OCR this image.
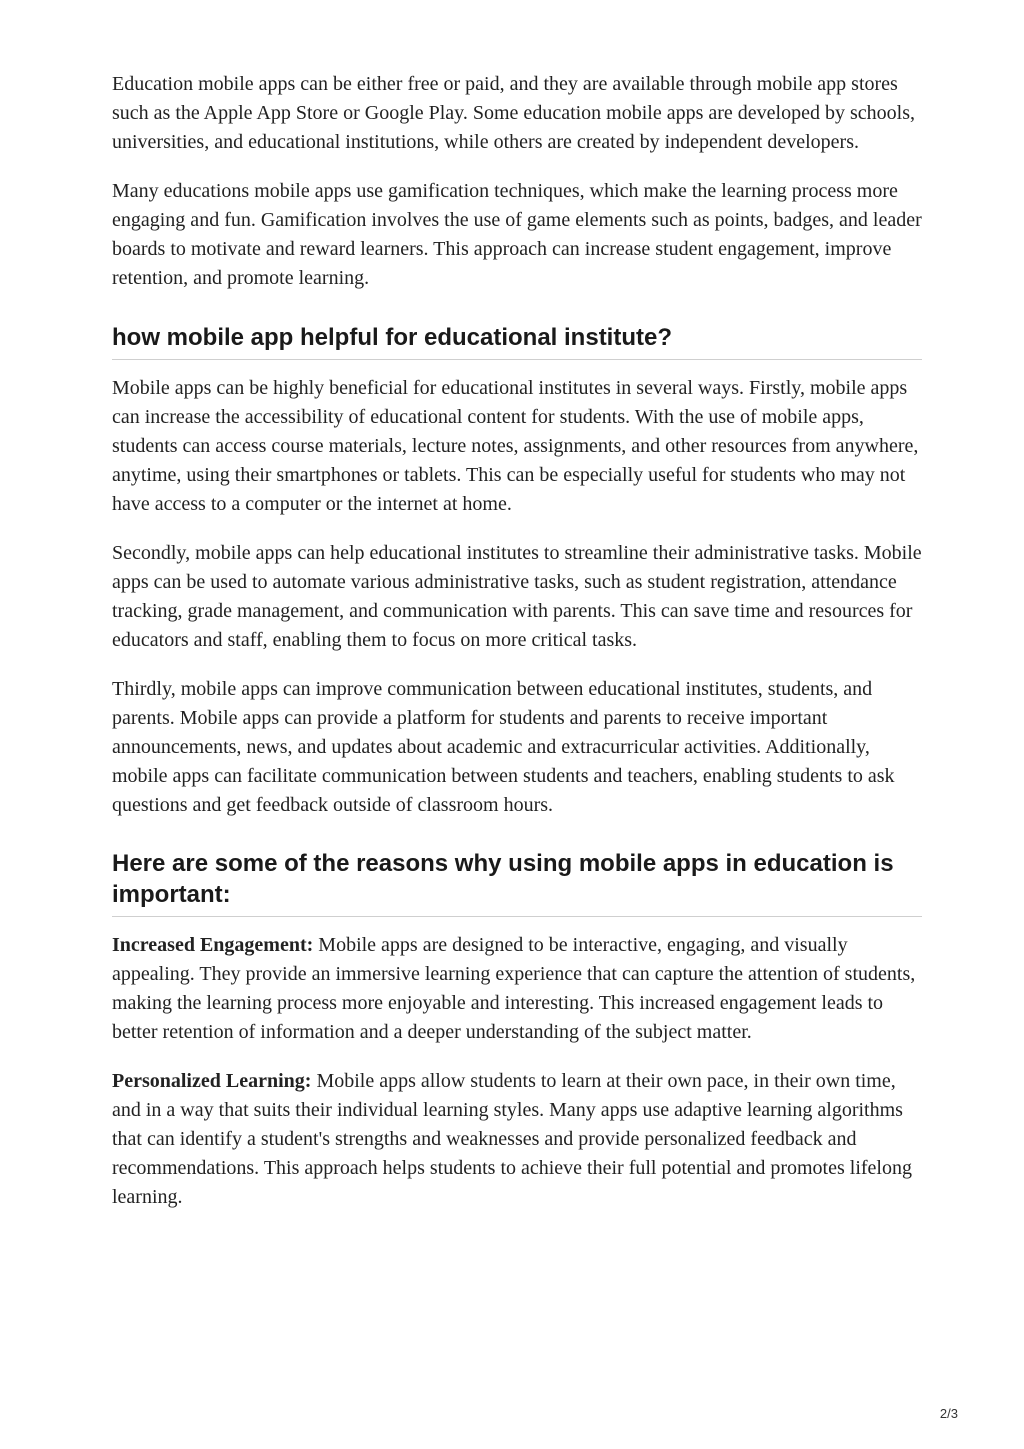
Education mobile apps can be either free or paid, and they are available through mobile app stores such as the Apple App Store or Google Play. Some education mobile apps are developed by schools, universities, and educational institutions, while others are created by independent developers.

Many educations mobile apps use gamification techniques, which make the learning process more engaging and fun. Gamification involves the use of game elements such as points, badges, and leader boards to motivate and reward learners. This approach can increase student engagement, improve retention, and promote learning.

how mobile app helpful for educational institute?

Mobile apps can be highly beneficial for educational institutes in several ways. Firstly, mobile apps can increase the accessibility of educational content for students. With the use of mobile apps, students can access course materials, lecture notes, assignments, and other resources from anywhere, anytime, using their smartphones or tablets. This can be especially useful for students who may not have access to a computer or the internet at home.

Secondly, mobile apps can help educational institutes to streamline their administrative tasks. Mobile apps can be used to automate various administrative tasks, such as student registration, attendance tracking, grade management, and communication with parents. This can save time and resources for educators and staff, enabling them to focus on more critical tasks.

Thirdly, mobile apps can improve communication between educational institutes, students, and parents. Mobile apps can provide a platform for students and parents to receive important announcements, news, and updates about academic and extracurricular activities. Additionally, mobile apps can facilitate communication between students and teachers, enabling students to ask questions and get feedback outside of classroom hours.

Here are some of the reasons why using mobile apps in education is important:

Increased Engagement: Mobile apps are designed to be interactive, engaging, and visually appealing. They provide an immersive learning experience that can capture the attention of students, making the learning process more enjoyable and interesting. This increased engagement leads to better retention of information and a deeper understanding of the subject matter.

Personalized Learning: Mobile apps allow students to learn at their own pace, in their own time, and in a way that suits their individual learning styles. Many apps use adaptive learning algorithms that can identify a student's strengths and weaknesses and provide personalized feedback and recommendations. This approach helps students to achieve their full potential and promotes lifelong learning.

2/3
